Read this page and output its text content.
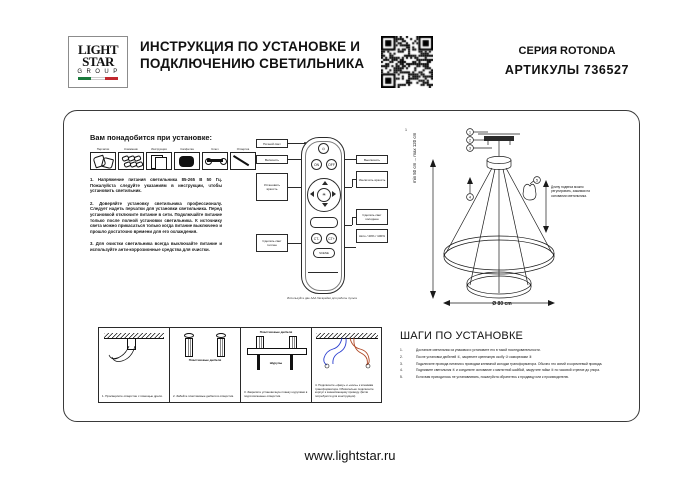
LIGHT
STAR
G R O U P
ИНСТРУКЦИЯ ПО УСТАНОВКЕ И ПОДКЛЮЧЕНИЮ СВЕТИЛЬНИКА
СЕРИЯ ROTONDA
АРТИКУЛЫ 736527
Вам понадобится при установке:
Перчатки	Клеммник	Инструкция	Салфетка	Ключ	Отвертка
1. Напряжение питания светильника 85-265 В 50 Гц. Пожалуйста следуйте указаниям в инструкции, чтобы установить светильник.
2. Доверяйте установку светильника профессионалу. Следует надеть перчатки для установки светильника. Перед установкой отключите питание в сети. Подключайте питание только после полной установки светильника. К источнику света можно прикасаться только когда питание выключено и прошло достаточно времени для его охлаждения.
3. Для очистки светильника всегда выключайте питание и используйте анти-коррозионные средства для очистки.
Ночной свет
Включить
Установить яркость
Сделать свет теплее
Выключить
Увеличить яркость
Сделать свет холоднее
Авто / 40% / 100%
⏻
ON	OFF
☀
CT-	CT+
SCENE
Используйте две ААА батарейки для работы пульта
1	1
2
3
4
5
min 50 cm ... max 120 cm
Ø 80 cm
Длину подвеса можно регулировать, зажимая на основании светильника.
1. Просверлите отверстие с помощью дрели.
Пластиковые дюбеля
2. Забейте пластиковые дюбеля в отверстия.
Пластиковые дюбеля
Шурупы
3. Закрепите установочную планку шурупами в подготовленные отверстия.
4. Подключите «фазу» и «ноль» к клеммам трансформатора. Обязательно подключите корпус к заземляющему проводу. (Если потребуется для конструкции)
ШАГИ ПО УСТАНОВКЕ
1.	Достаньте светильник из упаковки и установите его в такой последовательности.
2.	После установки дюбелей ①, закрепите крепежную скобу ② саморезами ③
3.	Подключите провода питания к проводам клеммной колодки трансформатора. Обычно это синий и коричневый провода.
4.	Поднимите светильник ④ и соедините основание с магнитной шайбой, закрутите гайки ⑤ по часовой стрелке до упора.
5.	Если вам приходилось не устанавливать, пожалуйста обратитесь к продавцу или к производителю.
www.lightstar.ru
